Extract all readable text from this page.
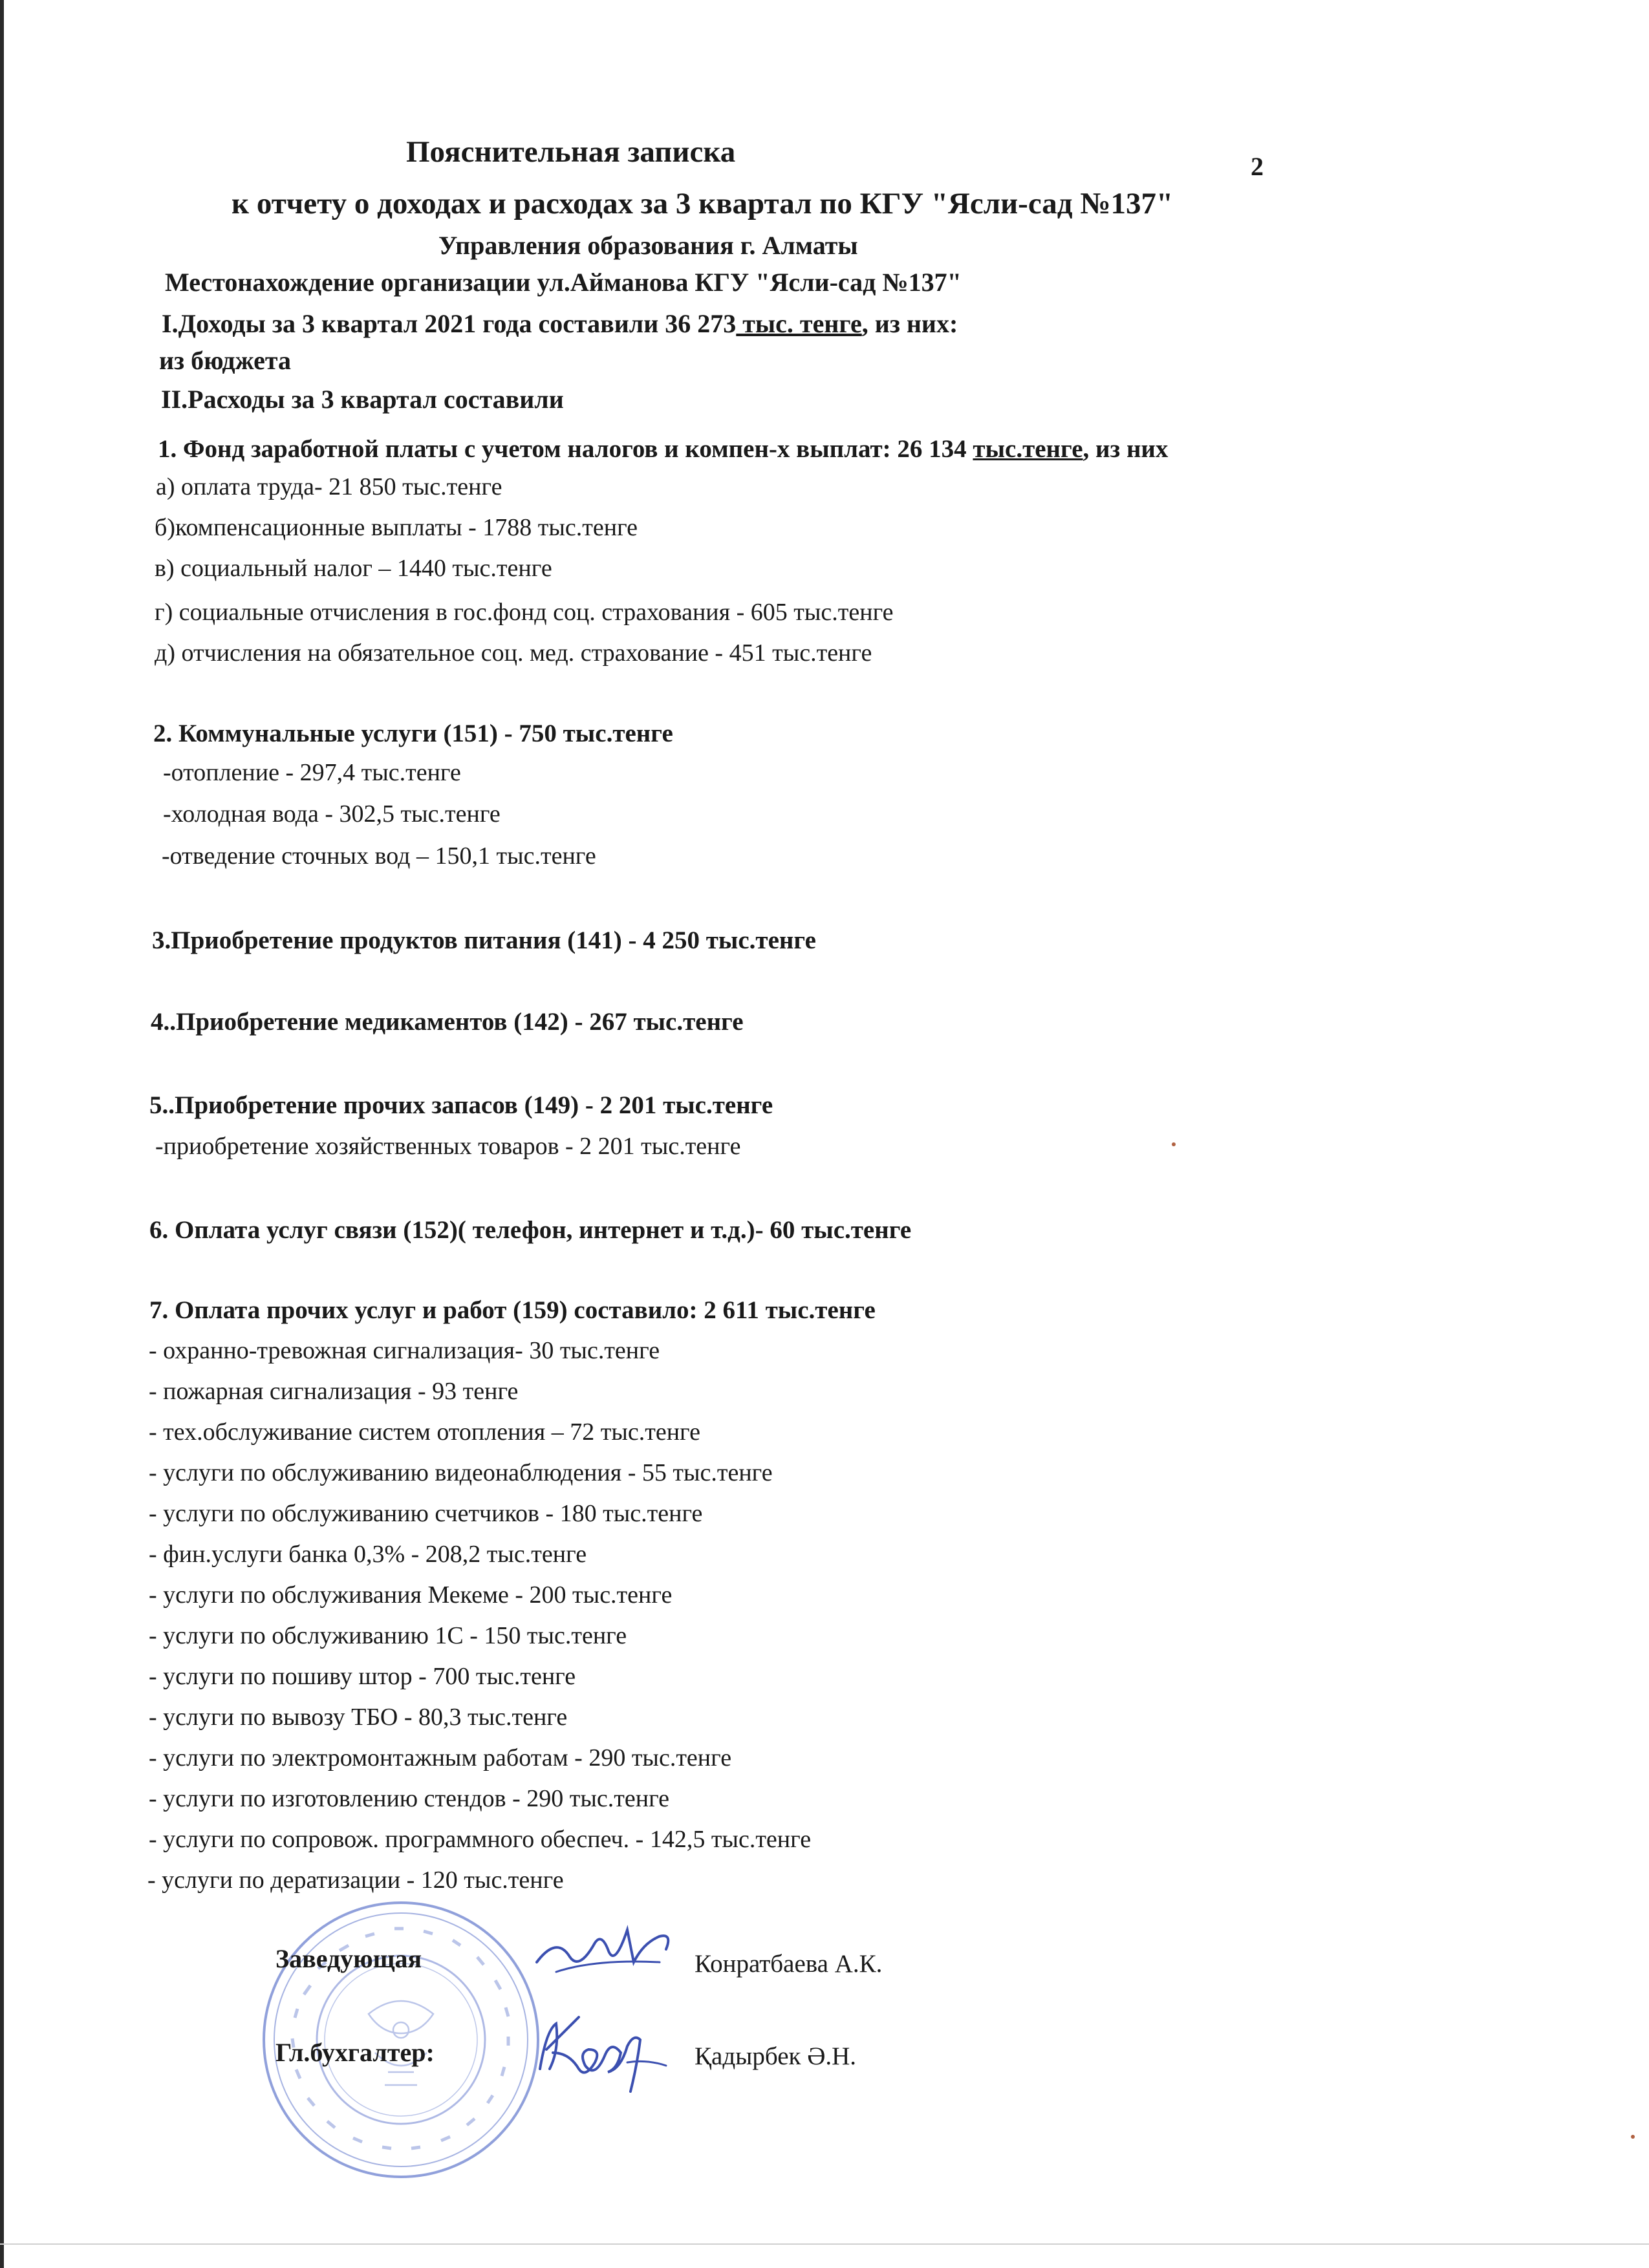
Пояснительная записка	2
к отчету о доходах и расходах за 3 квартал по КГУ "Ясли-сад №137"
Управления образования г. Алматы
Местонахождение организации ул.Айманова КГУ "Ясли-сад №137"
I.Доходы за 3 квартал 2021 года составили 36 273 тыс. тенге, из них:
из бюджета
II.Расходы за 3 квартал составили
1. Фонд заработной платы с учетом налогов и компен-х выплат: 26 134 тыс.тенге, из них
а) оплата труда- 21 850 тыс.тенге
б)компенсационные выплаты - 1788 тыс.тенге
в) социальный налог – 1440 тыс.тенге
г) социальные отчисления в гос.фонд соц. страхования - 605 тыс.тенге
д) отчисления на обязательное соц. мед. страхование - 451 тыс.тенге
2. Коммунальные услуги (151) - 750 тыс.тенге
-отопление - 297,4 тыс.тенге
-холодная вода - 302,5 тыс.тенге
-отведение сточных вод – 150,1 тыс.тенге
3.Приобретение продуктов питания (141) - 4 250 тыс.тенге
4..Приобретение медикаментов (142) - 267 тыс.тенге
5..Приобретение прочих запасов (149) - 2 201 тыс.тенге
-приобретение хозяйственных товаров - 2 201 тыс.тенге
6. Оплата услуг связи (152)( телефон, интернет и т.д.)- 60 тыс.тенге
7. Оплата прочих услуг и работ (159) составило: 2 611 тыс.тенге
- охранно-тревожная сигнализация- 30 тыс.тенге
- пожарная сигнализация - 93 тенге
- тех.обслуживание систем отопления – 72 тыс.тенге
- услуги по обслуживанию видеонаблюдения - 55 тыс.тенге
- услуги по обслуживанию счетчиков - 180 тыс.тенге
- фин.услуги банка 0,3% - 208,2 тыс.тенге
- услуги по обслуживания Мекеме - 200 тыс.тенге
- услуги по обслуживанию 1С - 150 тыс.тенге
- услуги по пошиву штор - 700 тыс.тенге
- услуги по вывозу ТБО - 80,3 тыс.тенге
- услуги по электромонтажным работам - 290 тыс.тенге
- услуги по изготовлению стендов - 290 тыс.тенге
- услуги по сопровож. программного обеспеч. - 142,5 тыс.тенге
- услуги по дератизации - 120 тыс.тенге
Заведующая	Конратбаева А.К.
Гл.бухгалтер:	Қадырбек Ә.Н.
